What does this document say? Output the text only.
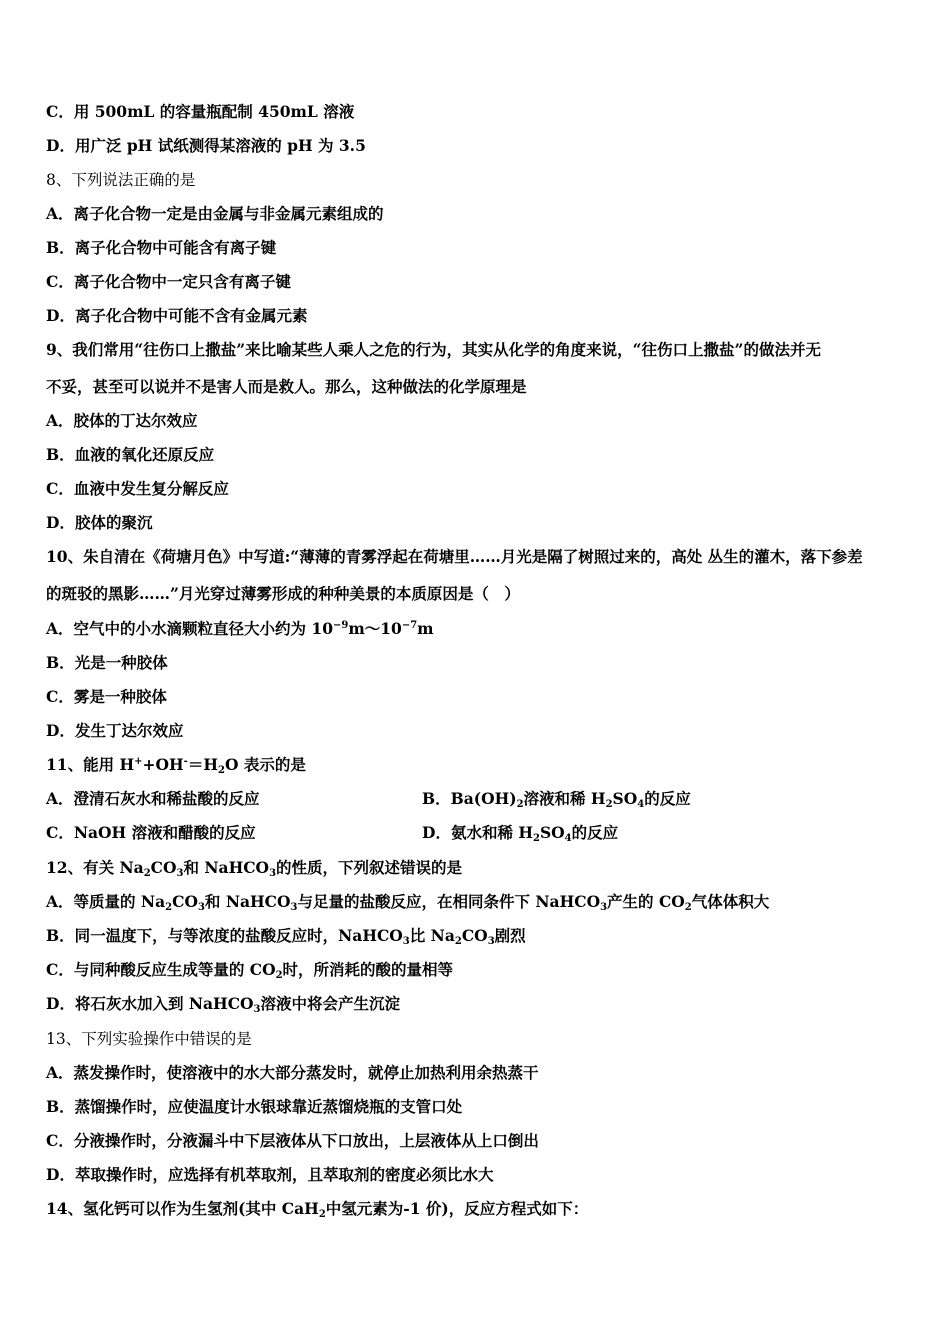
C．用 500mL 的容量瓶配制 450mL 溶液
D．用广泛 pH 试纸测得某溶液的 pH 为 3.5
8、下列说法正确的是
A．离子化合物一定是由金属与非金属元素组成的
B．离子化合物中可能含有离子键
C．离子化合物中一定只含有离子键
D．离子化合物中可能不含有金属元素
9、我们常用“往伤口上撒盐”来比喻某些人乘人之危的行为，其实从化学的角度来说，“往伤口上撒盐”的做法并无
不妥，甚至可以说并不是害人而是救人。那么，这种做法的化学原理是
A．胶体的丁达尔效应
B．血液的氧化还原反应
C．血液中发生复分解反应
D．胶体的聚沉
10、朱自清在《荷塘月色》中写道:“薄薄的青雾浮起在荷塘里……月光是隔了树照过来的，高处 丛生的灌木，落下参差
的斑驳的黑影……”月光穿过薄雾形成的种种美景的本质原因是（　）
A．空气中的小水滴颗粒直径大小约为 $10^{-9}m\sim 10^{-7}m$
B．光是一种胶体
C．雾是一种胶体
D．发生丁达尔效应
11、能用 $H^++OH^-=H_2O$ 表示的是
A．澄清石灰水和稀盐酸的反应	B．$Ba(OH)_2$溶液和稀 $H_2SO_4$的反应
C．NaOH 溶液和醋酸的反应	D．氨水和稀 $H_2SO_4$的反应
12、有关 $Na_2CO_3$和 NaHCO$_3$的性质，下列叙述错误的是
A．等质量的 $Na_2CO_3$和 NaHCO$_3$与足量的盐酸反应，在相同条件下 NaHCO$_3$产生的 $CO_2$气体体积大
B．同一温度下，与等浓度的盐酸反应时，NaHCO$_3$比 $Na_2CO_3$剧烈
C．与同种酸反应生成等量的 $CO_2$时，所消耗的酸的量相等
D．将石灰水加入到 NaHCO$_3$溶液中将会产生沉淀
13、下列实验操作中错误的是
A．蒸发操作时，使溶液中的水大部分蒸发时，就停止加热利用余热蒸干
B．蒸馏操作时，应使温度计水银球靠近蒸馏烧瓶的支管口处
C．分液操作时，分液漏斗中下层液体从下口放出，上层液体从上口倒出
D．萃取操作时，应选择有机萃取剂，且萃取剂的密度必须比水大
14、氢化钙可以作为生氢剂(其中 CaH$_2$中氢元素为-1 价)，反应方程式如下：
